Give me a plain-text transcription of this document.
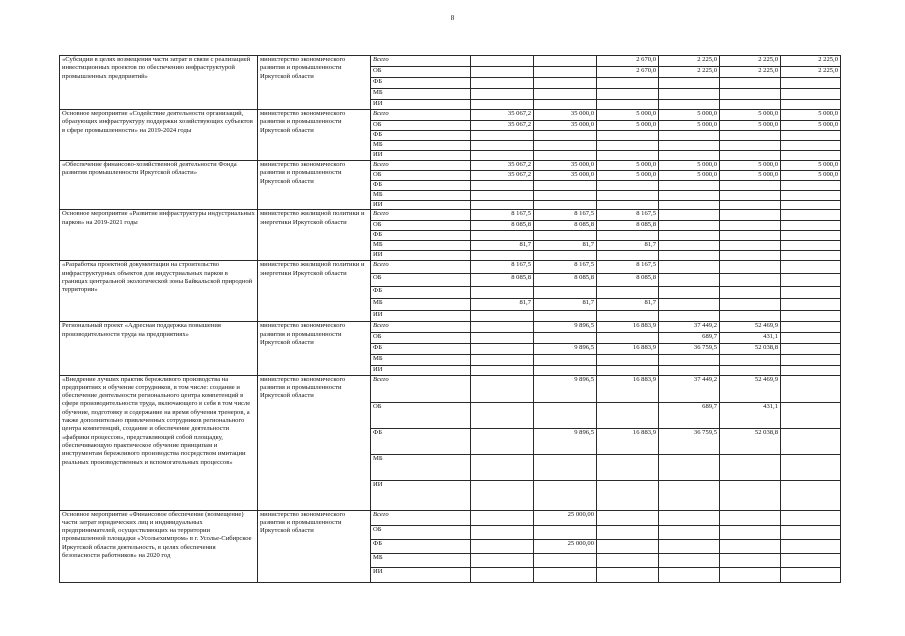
8
«Субсидии в целях возмещения части затрат в связи с реализацией инвестиционных проектов по обеспечению инфраструктурой промышленных предприятий»	министерство экономического развития и промышленности Иркутской области	Всего			2 670,0	2 225,0	2 225,0	2 225,0
		ОБ			2 670,0	2 225,0	2 225,0	2 225,0
		ФБ						
		МБ						
		ИИ						
Основное мероприятие «Содействие деятельности организаций, образующих инфраструктуру поддержки хозяйствующих субъектов в сфере промышленности» на 2019-2024 годы	министерство экономического развития и промышленности Иркутской области	Всего	35 067,2	35 000,0	5 000,0	5 000,0	5 000,0	5 000,0
		ОБ	35 067,2	35 000,0	5 000,0	5 000,0	5 000,0	5 000,0
		ФБ						
		МБ						
		ИИ						
«Обеспечение финансово-хозяйственной деятельности Фонда развития промышленности Иркутской области»	министерство экономического развития и промышленности Иркутской области	Всего	35 067,2	35 000,0	5 000,0	5 000,0	5 000,0	5 000,0
		ОБ	35 067,2	35 000,0	5 000,0	5 000,0	5 000,0	5 000,0
		ФБ						
		МБ						
		ИИ						
Основное мероприятие «Развитие инфраструктуры индустриальных парков» на 2019-2021 годы	министерство жилищной политики и энергетики Иркутской области	Всего	8 167,5	8 167,5	8 167,5			
		ОБ	8 085,8	8 085,8	8 085,8			
		ФБ						
		МБ	81,7	81,7	81,7			
		ИИ						
«Разработка проектной документации на строительство инфраструктурных объектов для индустриальных парков в границах центральной экологической зоны Байкальской природной территории»	министерство жилищной политики и энергетики Иркутской области	Всего	8 167,5	8 167,5	8 167,5			
		ОБ	8 085,8	8 085,8	8 085,8			
		ФБ						
		МБ	81,7	81,7	81,7			
		ИИ						
Региональный проект «Адресная поддержка повышения производительности труда на предприятиях»	министерство экономического развития и промышленности Иркутской области	Всего		9 896,5	16 883,9	37 449,2	52 469,9	
		ОБ				689,7	431,1	
		ФБ		9 896,5	16 883,9	36 759,5	52 038,8	
		МБ						
		ИИ						
«Внедрение лучших практик бережливого производства на предприятиях и обучение сотрудников, в том числе: создание и обеспечение деятельности регионального центра компетенций в сфере производительности труда, включающего в себя в том числе обучение, подготовку и содержание на время обучения тренеров, а также дополнительно привлеченных сотрудников регионального центра компетенций, создание и обеспечение деятельности «фабрики процессов», представляющей собой площадку, обеспечивающую практическое обучение принципам и инструментам бережливого производства посредством имитации реальных производственных и вспомогательных процессов»	министерство экономического развития и промышленности Иркутской области	Всего		9 896,5	16 883,9	37 449,2	52 469,9	
		ОБ				689,7	431,1	
		ФБ		9 896,5	16 883,9	36 759,5	52 038,8	
		МБ						
		ИИ						
Основное мероприятие «Финансовое обеспечение (возмещение) части затрат юридических лиц и индивидуальных предпринимателей, осуществляющих на территории промышленной площадки «Усольехимпром» в г. Усолье-Сибирское Иркутской области деятельность, в целях обеспечения безопасности работников» на 2020 год	министерство экономического развития и промышленности Иркутской области	Всего		25 000,00				
		ОБ						
		ФБ		25 000,00				
		МБ						
		ИИ						
